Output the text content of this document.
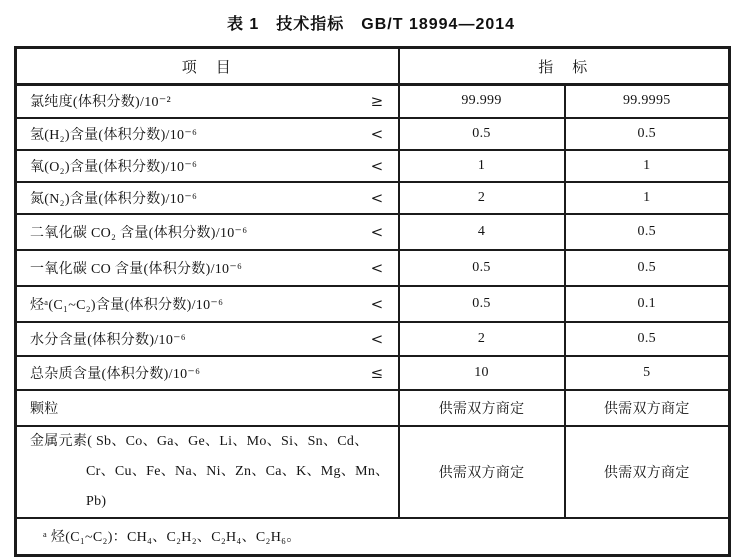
表 1　技术指标　GB/T 18994—2014
项　目	指　标	

氯纯度(体积分数)/10⁻² ≥	99.999	99.9995

氢(H₂)含量(体积分数)/10⁻⁶ <	0.5	0.5

氧(O₂)含量(体积分数)/10⁻⁶ <	1	1

氮(N₂)含量(体积分数)/10⁻⁶ <	2	1

二氧化碳 CO₂ 含量(体积分数)/10⁻⁶ <	4	0.5

一氧化碳 CO 含量(体积分数)/10⁻⁶ <	0.5	0.5

烃ᵃ(C₁~C₂)含量(体积分数)/10⁻⁶ <	0.5	0.1

水分含量(体积分数)/10⁻⁶ <	2	0.5

总杂质含量(体积分数)/10⁻⁶ ≤	10	5

颗粒	供需双方商定	供需双方商定

金属元素( Sb、Co、Ga、Ge、Li、Mo、Si、Sn、Cd、
Cr、Cu、Fe、Na、Ni、Zn、Ca、K、Mg、Mn、Pb)	供需双方商定	供需双方商定
ᵃ 烃(C₁~C₂)：CH₄、C₂H₂、C₂H₄、C₂H₆。		
